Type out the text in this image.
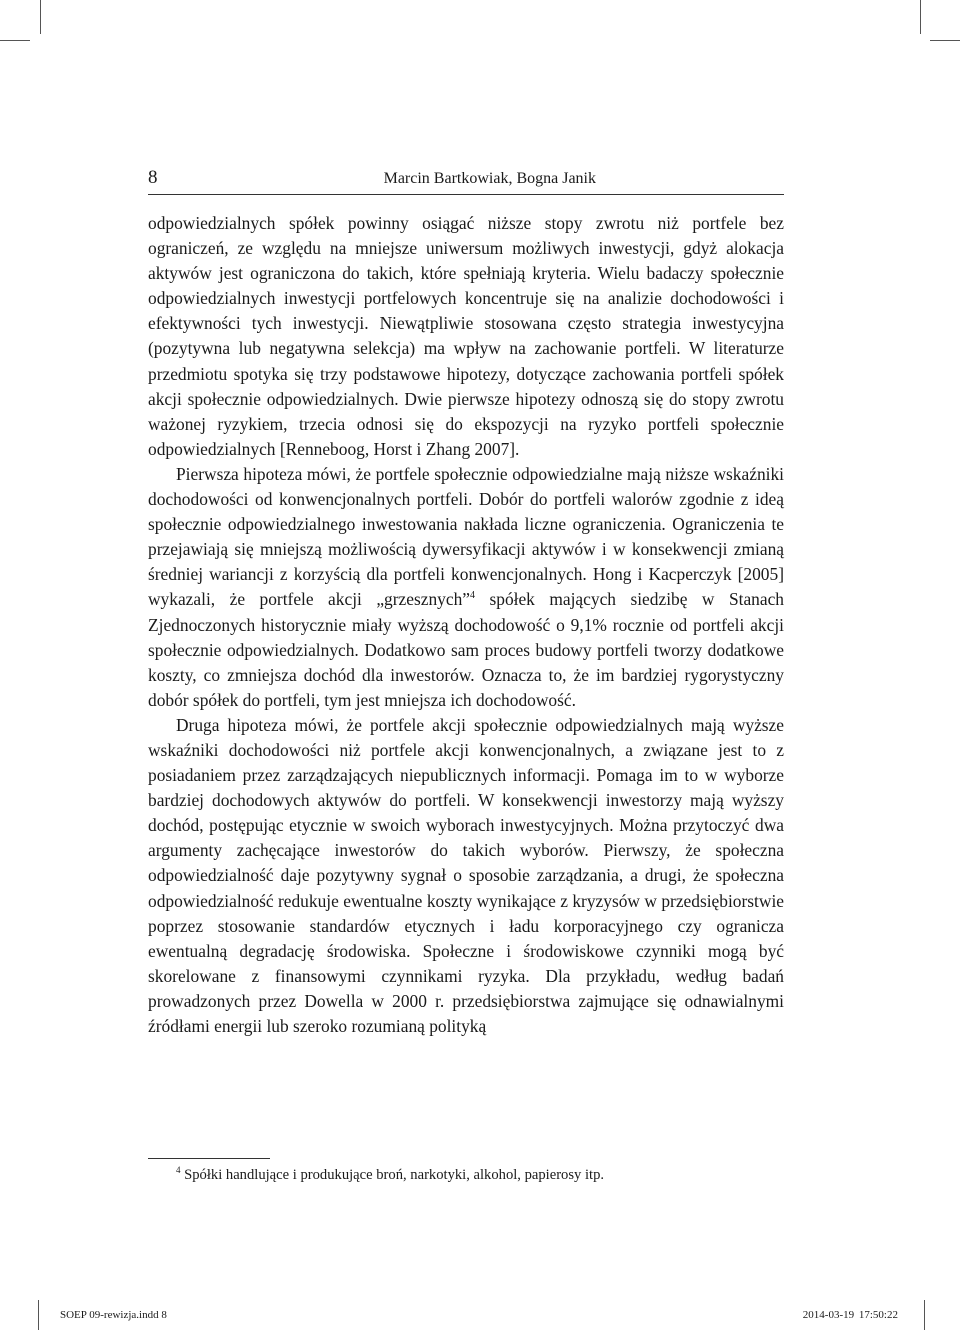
8	Marcin Bartkowiak, Bogna Janik

odpowiedzialnych spółek powinny osiągać niższe stopy zwrotu niż portfele bez ograniczeń, ze względu na mniejsze uniwersum możliwych inwestycji, gdyż alokacja aktywów jest ograniczona do takich, które spełniają kryteria. Wielu badaczy społecznie odpowiedzialnych inwestycji portfelowych koncentruje się na analizie dochodowości i efektywności tych inwestycji. Niewątpliwie stosowana często strategia inwestycyjna (pozytywna lub negatywna selekcja) ma wpływ na zachowanie portfeli. W literaturze przedmiotu spotyka się trzy podstawowe hipotezy, dotyczące zachowania portfeli spółek akcji społecznie odpowiedzialnych. Dwie pierwsze hipotezy odnoszą się do stopy zwrotu ważonej ryzykiem, trzecia odnosi się do ekspozycji na ryzyko portfeli społecznie odpowiedzialnych [Renneboog, Horst i Zhang 2007].

Pierwsza hipoteza mówi, że portfele społecznie odpowiedzialne mają niższe wskaźniki dochodowości od konwencjonalnych portfeli. Dobór do portfeli walorów zgodnie z ideą społecznie odpowiedzialnego inwestowania nakłada liczne ograniczenia. Ograniczenia te przejawiają się mniejszą możliwością dywersyfikacji aktywów i w konsekwencji zmianą średniej wariancji z korzyścią dla portfeli konwencjonalnych. Hong i Kacperczyk [2005] wykazali, że portfele akcji „grzesznych”$^4$ spółek mających siedzibę w Stanach Zjednoczonych historycznie miały wyższą dochodowość o 9,1% rocznie od portfeli akcji społecznie odpowiedzialnych. Dodatkowo sam proces budowy portfeli tworzy dodatkowe koszty, co zmniejsza dochód dla inwestorów. Oznacza to, że im bardziej rygorystyczny dobór spółek do portfeli, tym jest mniejsza ich dochodowość.

Druga hipoteza mówi, że portfele akcji społecznie odpowiedzialnych mają wyższe wskaźniki dochodowości niż portfele akcji konwencjonalnych, a związane jest to z posiadaniem przez zarządzających niepublicznych informacji. Pomaga im to w wyborze bardziej dochodowych aktywów do portfeli. W konsekwencji inwestorzy mają wyższy dochód, postępując etycznie w swoich wyborach inwestycyjnych. Można przytoczyć dwa argumenty zachęcające inwestorów do takich wyborów. Pierwszy, że społeczna odpowiedzialność daje pozytywny sygnał o sposobie zarządzania, a drugi, że społeczna odpowiedzialność redukuje ewentualne koszty wynikające z kryzysów w przedsiębiorstwie poprzez stosowanie standardów etycznych i ładu korporacyjnego czy ogranicza ewentualną degradację środowiska. Społeczne i środowiskowe czynniki mogą być skorelowane z finansowymi czynnikami ryzyka. Dla przykładu, według badań prowadzonych przez Dowella w 2000 r. przedsiębiorstwa zajmujące się odnawialnymi źródłami energii lub szeroko rozumianą polityką

$^4$ Spółki handlujące i produkujące broń, narkotyki, alkohol, papierosy itp.
SOEP 09-rewizja.indd 8	2014-03-19 17:50:22
